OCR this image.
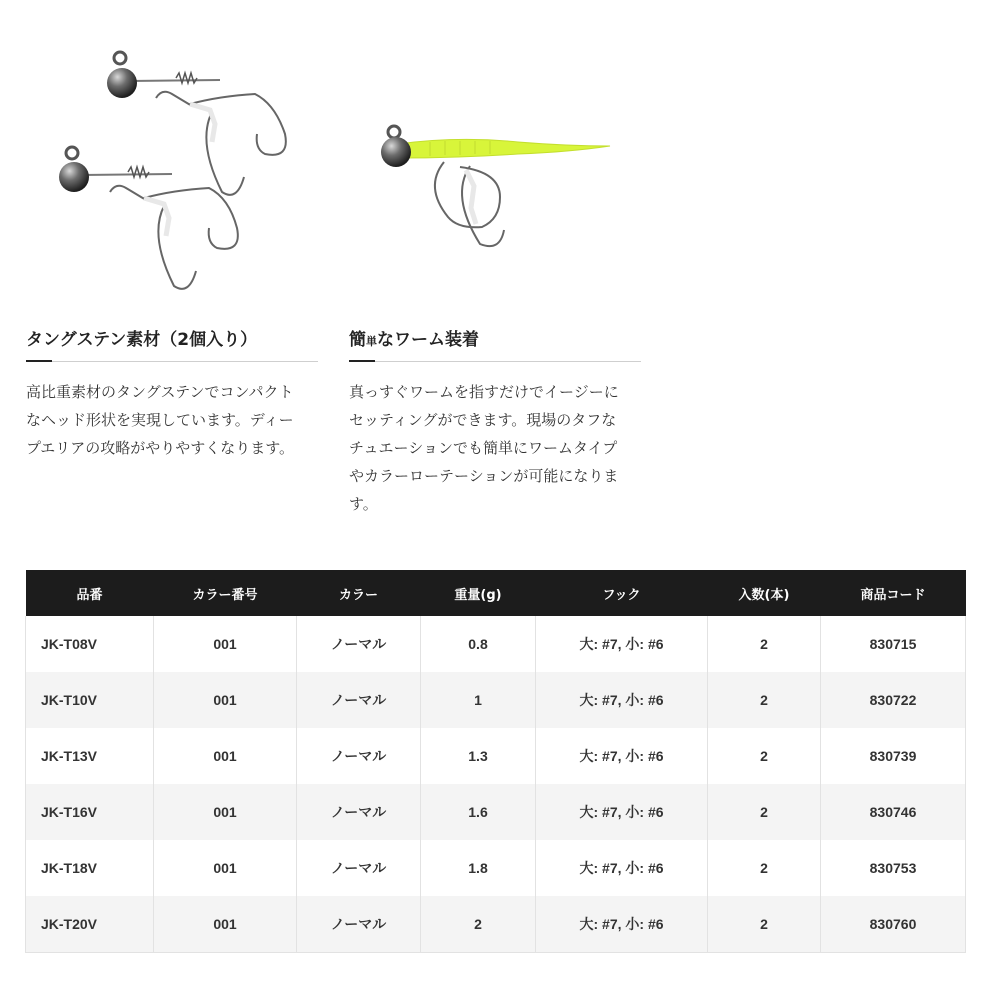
タングステン素材（2個入り）
高比重素材のタングステンでコンパクト
なヘッド形状を実現しています。ディー
プエリアの攻略がやりやすくなります。
簡単なワーム装着
真っすぐワームを指すだけでイージーに
セッティングができます。現場のタフな
チュエーションでも簡単にワームタイプ
やカラーローテーションが可能になりま
す。
品番	カラー番号	カラー	重量(g)	フック	入数(本)	商品コード
JK-T08V	001	ノーマル	0.8	大: #7, 小: #6	2	830715
JK-T10V	001	ノーマル	1	大: #7, 小: #6	2	830722
JK-T13V	001	ノーマル	1.3	大: #7, 小: #6	2	830739
JK-T16V	001	ノーマル	1.6	大: #7, 小: #6	2	830746
JK-T18V	001	ノーマル	1.8	大: #7, 小: #6	2	830753
JK-T20V	001	ノーマル	2	大: #7, 小: #6	2	830760
